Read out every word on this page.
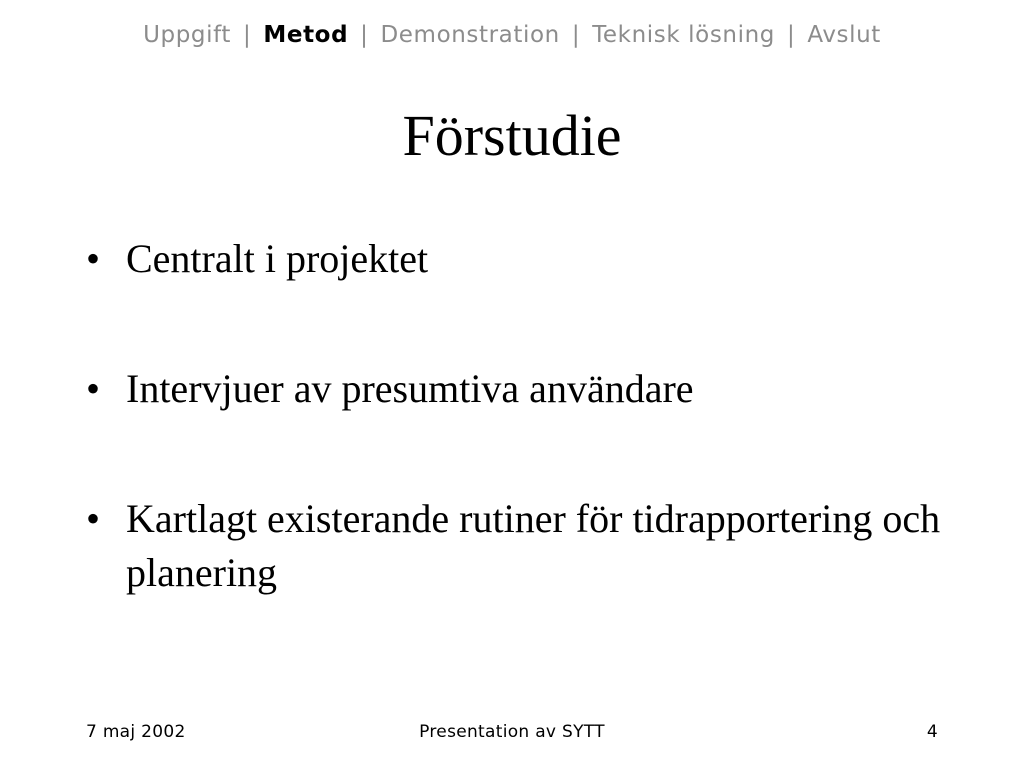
Uppgift | Metod | Demonstration | Teknisk lösning | Avslut
Förstudie
• Centralt i projektet
• Intervjuer av presumtiva användare
• Kartlagt existerande rutiner för tidrapportering och planering
7 maj 2002	Presentation av SYTT	4
